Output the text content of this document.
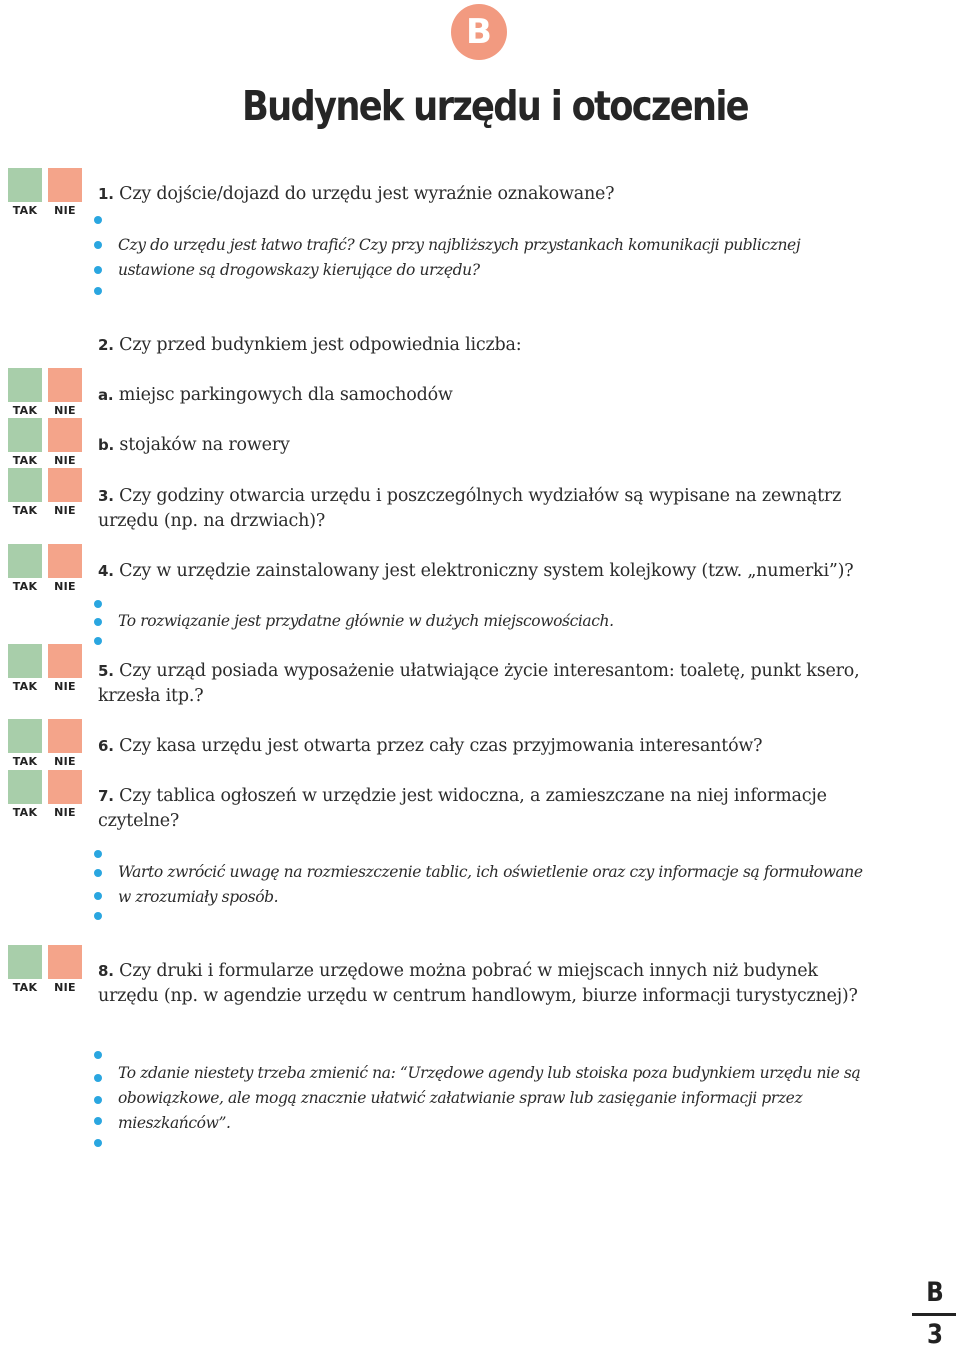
B
Budynek urzędu i otoczenie
TAK	NIE
TAK	NIE
TAK	NIE
TAK	NIE
TAK	NIE
TAK	NIE
TAK	NIE
TAK	NIE
TAK	NIE

1. Czy dojście/dojazd do urzędu jest wyraźnie oznakowane?

2. Czy przed budynkiem jest odpowiednia liczba:

a. miejsc parkingowych dla samochodów

b. stojaków na rowery

3. Czy godziny otwarcia urzędu i poszczególnych wydziałów są wypisane na zewnątrz urzędu (np. na drzwiach)?

4. Czy w urzędzie zainstalowany jest elektroniczny system kolejkowy (tzw. „numerki”)?

5. Czy urząd posiada wyposażenie ułatwiające życie interesantom: toaletę, punkt ksero, krzesła itp.?

6. Czy kasa urzędu jest otwarta przez cały czas przyjmowania interesantów?

7. Czy tablica ogłoszeń w urzędzie jest widoczna, a zamieszczane na niej informacje czytelne?

8. Czy druki i formularze urzędowe można pobrać w miejscach innych niż budynek urzędu (np. w agendzie urzędu w centrum handlowym, biurze informacji turystycznej)?

Czy do urzędu jest łatwo trafić? Czy przy najbliższych przystankach komunikacji publicznej ustawione są drogowskazy kierujące do urzędu?

To rozwiązanie jest przydatne głównie w dużych miejscowościach.

Warto zwrócić uwagę na rozmieszczenie tablic, ich oświetlenie oraz czy informacje są formułowane w zrozumiały sposób.

To zdanie niestety trzeba zmienić na: “Urzędowe agendy lub stoiska poza budynkiem urzędu nie są obowiązkowe, ale mogą znacznie ułatwić załatwianie spraw lub zasięganie informacji przez mieszkańców”.

B
3
